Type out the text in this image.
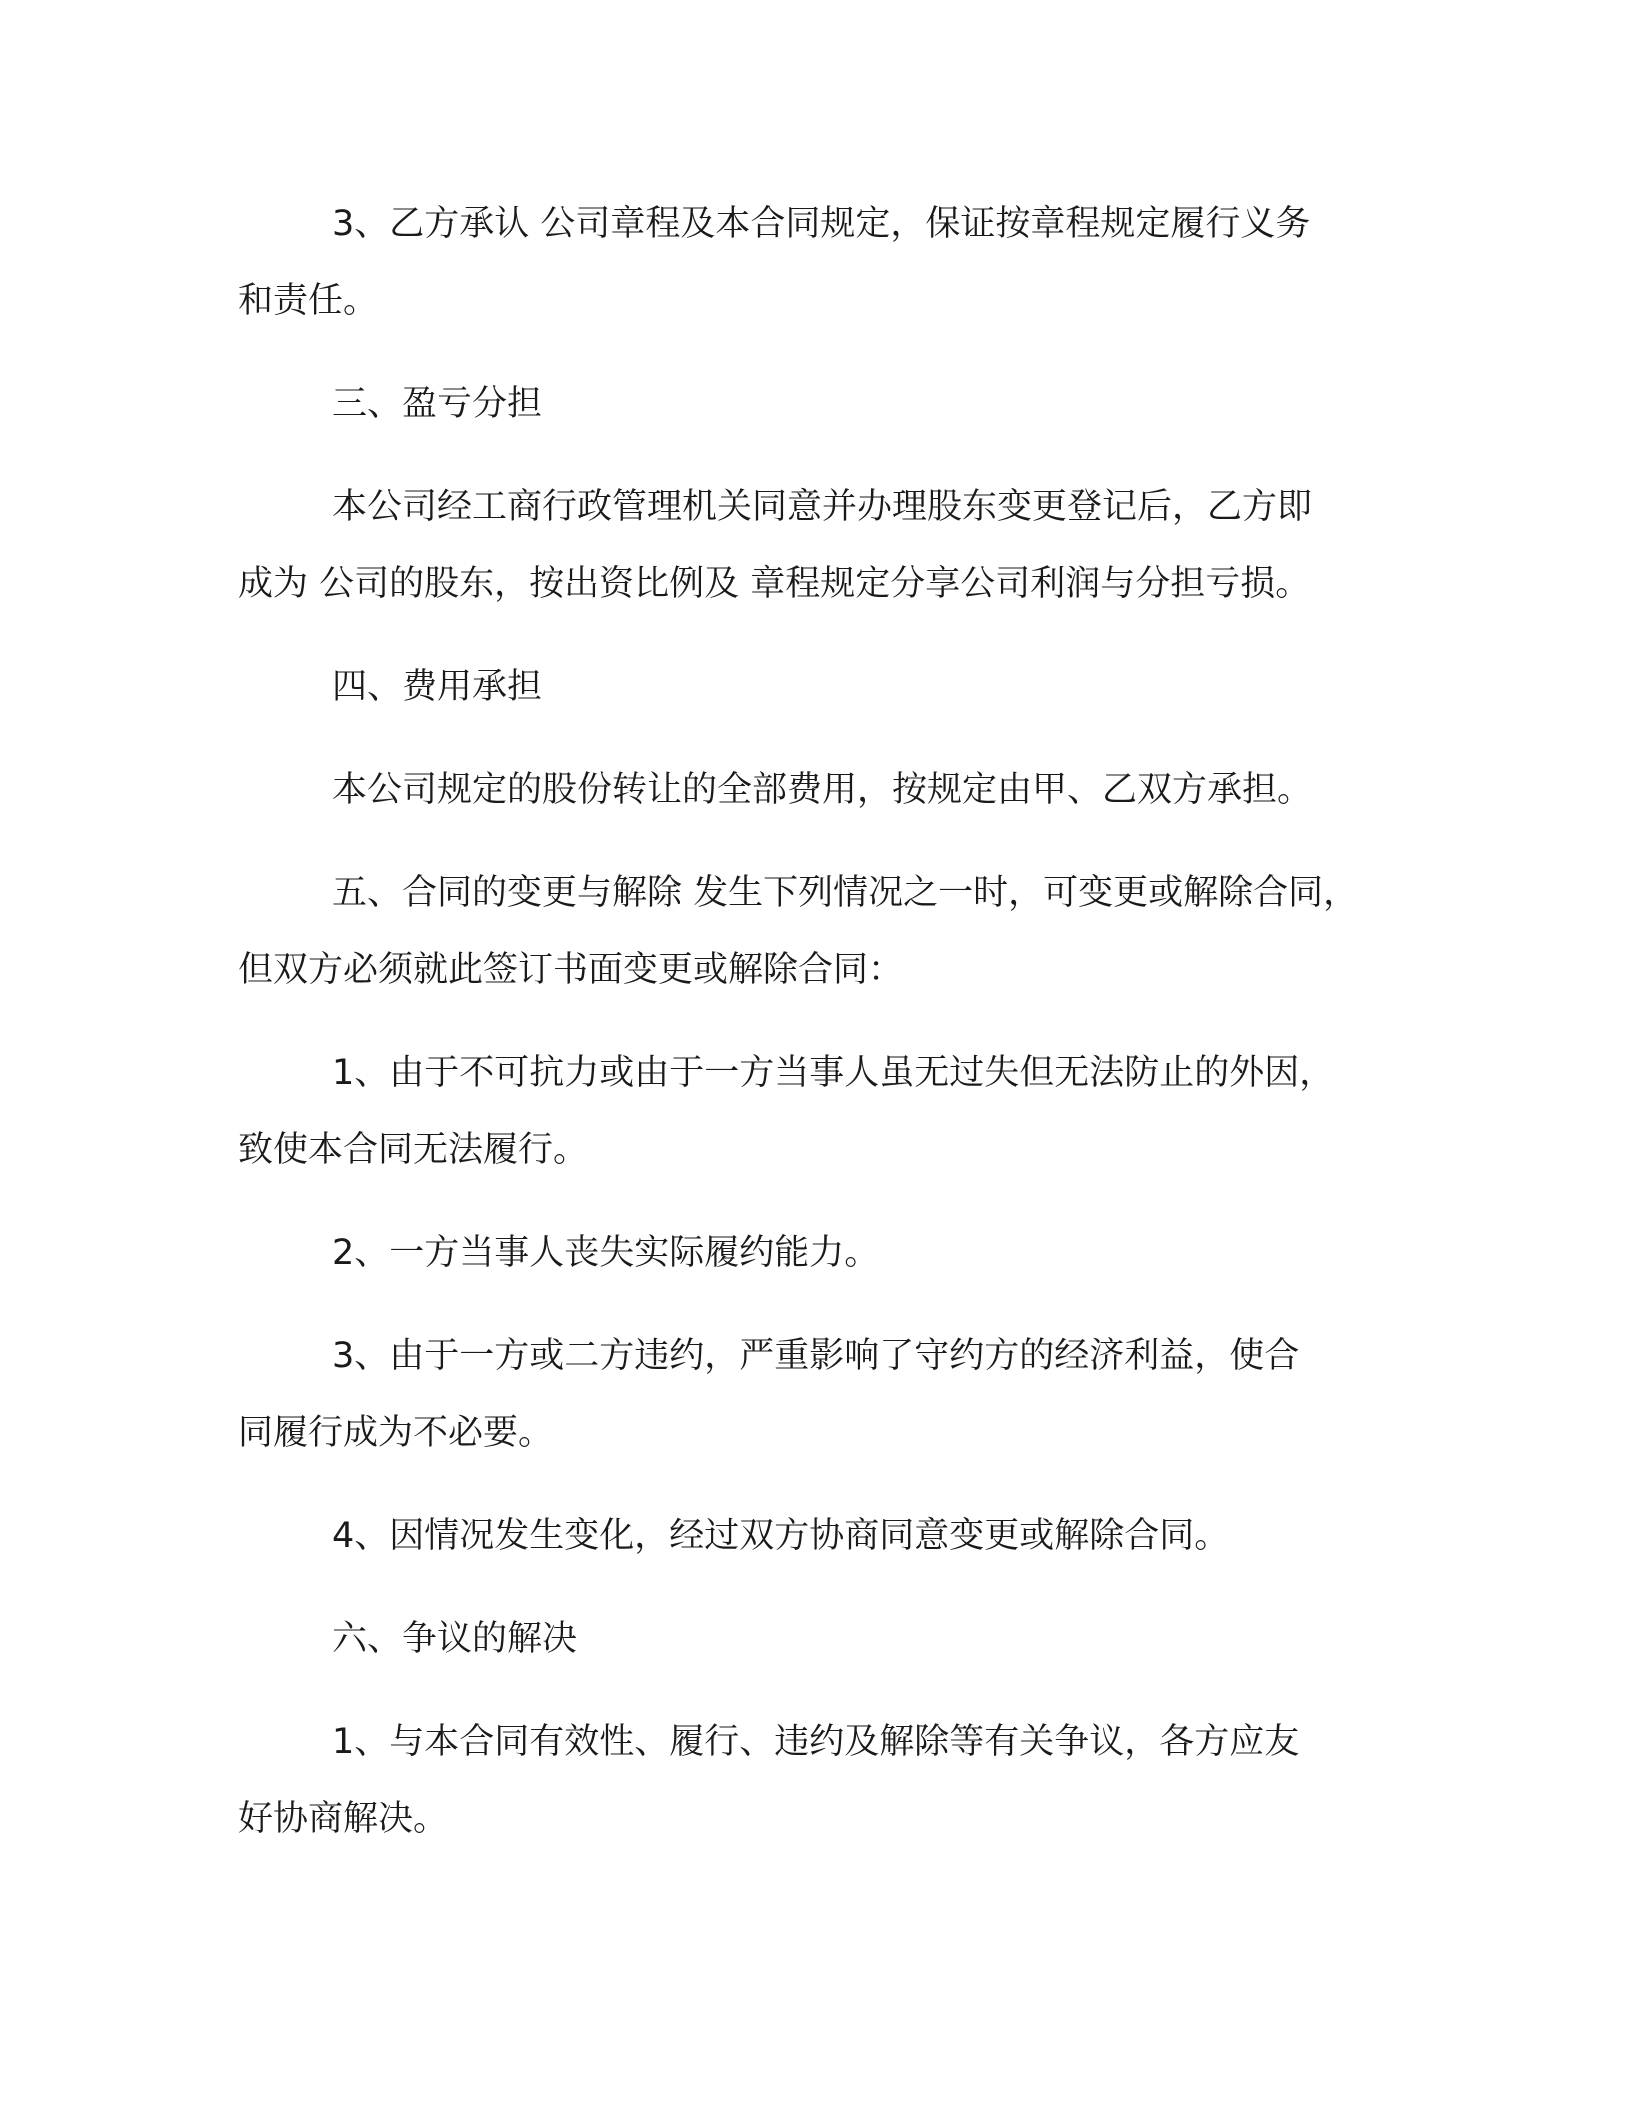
3、乙方承认 公司章程及本合同规定，保证按章程规定履行义务
和责任。

三、盈亏分担

本公司经工商行政管理机关同意并办理股东变更登记后，乙方即
成为 公司的股东，按出资比例及 章程规定分享公司利润与分担亏损。

四、费用承担

本公司规定的股份转让的全部费用，按规定由甲、乙双方承担。

五、合同的变更与解除 发生下列情况之一时，可变更或解除合同，
但双方必须就此签订书面变更或解除合同：

1、由于不可抗力或由于一方当事人虽无过失但无法防止的外因，
致使本合同无法履行。

2、一方当事人丧失实际履约能力。

3、由于一方或二方违约，严重影响了守约方的经济利益，使合
同履行成为不必要。

4、因情况发生变化，经过双方协商同意变更或解除合同。

六、争议的解决

1、与本合同有效性、履行、违约及解除等有关争议，各方应友
好协商解决。
